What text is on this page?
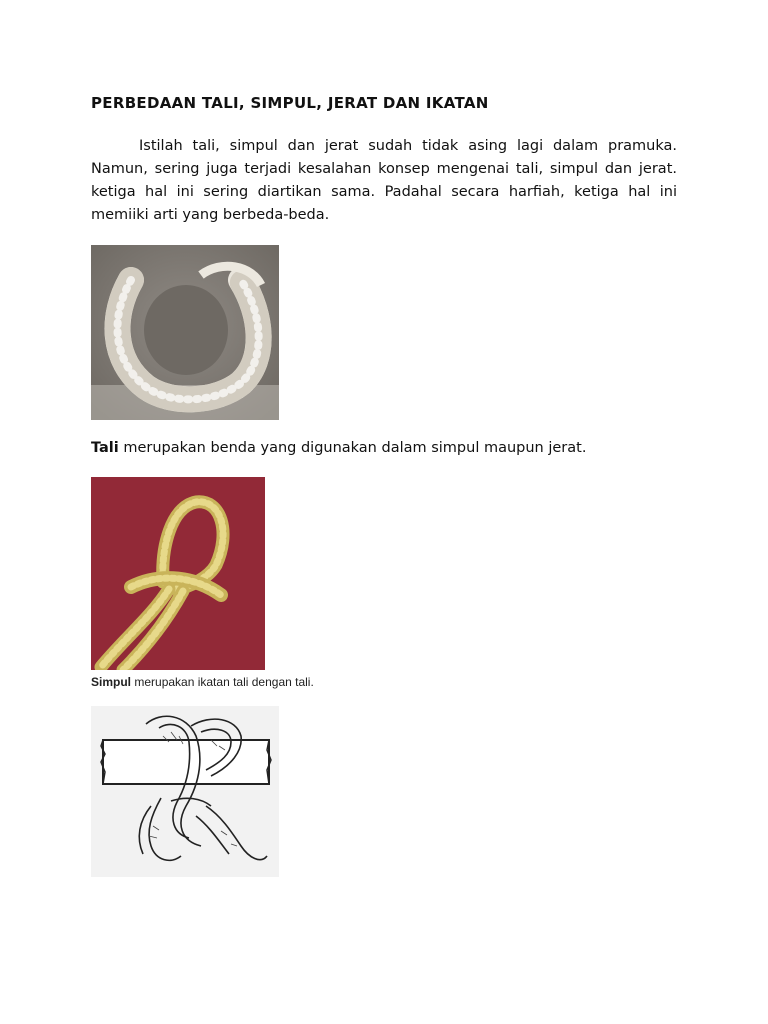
PERBEDAAN TALI, SIMPUL, JERAT DAN IKATAN

Istilah tali, simpul dan jerat sudah tidak asing lagi dalam pramuka. Namun, sering juga terjadi kesalahan konsep mengenai tali, simpul dan jerat. ketiga hal ini sering diartikan sama. Padahal secara harfiah, ketiga hal ini memiiki arti yang berbeda-beda.

Tali merupakan benda yang digunakan dalam simpul maupun jerat.
Simpul merupakan ikatan tali dengan tali.
